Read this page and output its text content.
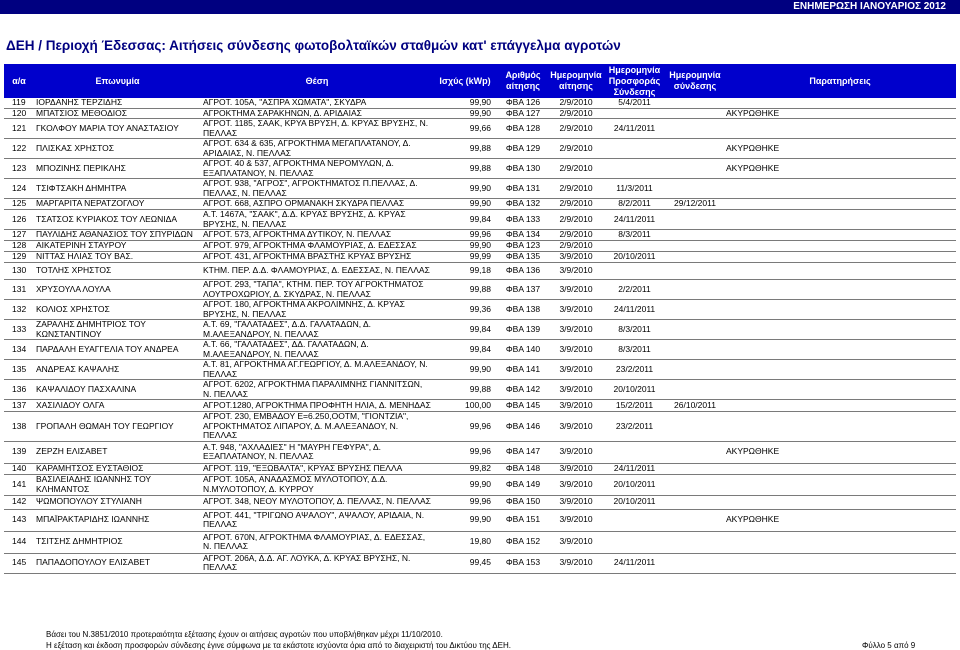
ΕΝΗΜΕΡΩΣΗ ΙΑΝΟΥΑΡΙΟΣ 2012
ΔΕΗ / Περιοχή Έδεσσας: Αιτήσεις σύνδεσης φωτοβολταϊκών σταθμών κατ' επάγγελμα αγροτών
α/α	Επωνυμία	Θέση	Ισχύς (kWp)	Αριθμός αίτησης	Ημερομηνία αίτησης	Ημερομηνία Προσφοράς Σύνδεσης	Ημερομηνία σύνδεσης	Παρατηρήσεις
119	ΙΟΡΔΑΝΗΣ ΤΕΡΖΙΔΗΣ	ΑΓΡΟΤ. 105Α, "ΑΣΠΡΑ ΧΩΜΑΤΑ", ΣΚΥΔΡΑ	99,90	ΦΒΑ 126	2/9/2010	5/4/2011		
120	ΜΠΑΤΣΙΟΣ ΜΕΘΟΔΙΟΣ	ΑΓΡΟΚΤΗΜΑ ΣΑΡΑΚΗΝΩΝ, Δ. ΑΡΙΔΑΙΑΣ	99,90	ΦΒΑ 127	2/9/2010			ΑΚΥΡΩΘΗΚΕ
121	ΓΚΟΛΦΟΥ ΜΑΡΙΑ ΤΟΥ ΑΝΑΣΤΑΣΙΟΥ	ΑΓΡΟΤ. 1185, ΣΑΑΚ, ΚΡΥΑ ΒΡΥΣΗ, Δ. ΚΡΥΑΣ ΒΡΥΣΗΣ, Ν. ΠΕΛΛΑΣ	99,66	ΦΒΑ 128	2/9/2010	24/11/2011		
122	ΠΛΙΣΚΑΣ ΧΡΗΣΤΟΣ	ΑΓΡΟΤ. 634 & 635, ΑΓΡΟΚΤΗΜΑ ΜΕΓΑΠΛΑΤΑΝΟΥ, Δ. ΑΡΙΔΑΙΑΣ, Ν. ΠΕΛΛΑΣ	99,88	ΦΒΑ 129	2/9/2010			ΑΚΥΡΩΘΗΚΕ
123	ΜΠΟΖΙΝΗΣ ΠΕΡΙΚΛΗΣ	ΑΓΡΟΤ. 40 & 537, ΑΓΡΟΚΤΗΜΑ ΝΕΡΟΜΥΛΩΝ, Δ. ΕΞΑΠΛΑΤΑΝΟΥ, Ν. ΠΕΛΛΑΣ	99,88	ΦΒΑ 130	2/9/2010			ΑΚΥΡΩΘΗΚΕ
124	ΤΣΙΦΤΣΑΚΗ ΔΗΜΗΤΡΑ	ΑΓΡΟΤ. 938, "ΑΓΡΟΣ", ΑΓΡΟΚΤΗΜΑΤΟΣ Π.ΠΕΛΛΑΣ, Δ. ΠΕΛΛΑΣ, Ν. ΠΕΛΛΑΣ	99,90	ΦΒΑ 131	2/9/2010	11/3/2011		
125	ΜΑΡΓΑΡΙΤΑ ΝΕΡΑΤΖΟΓΛΟΥ	ΑΓΡΟΤ. 668, ΑΣΠΡΟ ΟΡΜΑΝΑΚΗ ΣΚΥΔΡΑ ΠΕΛΛΑΣ	99,90	ΦΒΑ 132	2/9/2010	8/2/2011	29/12/2011	
126	ΤΣΑΤΣΟΣ ΚΥΡΙΑΚΟΣ ΤΟΥ ΛΕΩΝΙΔΑ	Α.Τ. 1467Α, "ΣΑΑΚ", Δ.Δ. ΚΡΥΑΣ ΒΡΥΣΗΣ, Δ. ΚΡΥΑΣ ΒΡΥΣΗΣ, Ν. ΠΕΛΛΑΣ	99,84	ΦΒΑ 133	2/9/2010	24/11/2011		
127	ΠΑΥΛΙΔΗΣ ΑΘΑΝΑΣΙΟΣ ΤΟΥ ΣΠΥΡΙΔΩΝ	ΑΓΡΟΤ. 573, ΑΓΡΟΚΤΗΜΑ ΔΥΤΙΚΟΥ, Ν. ΠΕΛΛΑΣ	99,96	ΦΒΑ 134	2/9/2010	8/3/2011		
128	ΑΙΚΑΤΕΡΙΝΗ ΣΤΑΥΡΟΥ	ΑΓΡΟΤ. 979, ΑΓΡΟΚΤΗΜΑ ΦΛΑΜΟΥΡΙΑΣ, Δ. ΕΔΕΣΣΑΣ	99,90	ΦΒΑ 123	2/9/2010			
129	ΝΙΤΤΑΣ ΗΛΙΑΣ ΤΟΥ ΒΑΣ.	ΑΓΡΟΤ. 431, ΑΓΡΟΚΤΗΜΑ ΒΡΑΣΤΗΣ ΚΡΥΑΣ ΒΡΥΣΗΣ	99,99	ΦΒΑ 135	3/9/2010	20/10/2011		
130	ΤΟΤΛΗΣ ΧΡΗΣΤΟΣ	ΚΤΗΜ. ΠΕΡ. Δ.Δ. ΦΛΑΜΟΥΡΙΑΣ, Δ. ΕΔΕΣΣΑΣ, Ν. ΠΕΛΛΑΣ	99,18	ΦΒΑ 136	3/9/2010			
131	ΧΡΥΣΟΥΛΑ ΛΟΥΛΑ	ΑΓΡΟΤ. 293, "ΤΑΠΑ", ΚΤΗΜ. ΠΕΡ. ΤΟΥ ΑΓΡΟΚΤΗΜΑΤΟΣ ΛΟΥΤΡΟΧΩΡΙΟΥ, Δ. ΣΚΥΔΡΑΣ, Ν. ΠΕΛΛΑΣ	99,88	ΦΒΑ 137	3/9/2010	2/2/2011		
132	ΚΟΛΙΟΣ ΧΡΗΣΤΟΣ	ΑΓΡΟΤ. 180, ΑΓΡΟΚΤΗΜΑ ΑΚΡΟΛΙΜΝΗΣ, Δ. ΚΡΥΑΣ ΒΡΥΣΗΣ, Ν. ΠΕΛΛΑΣ	99,36	ΦΒΑ 138	3/9/2010	24/11/2011		
133	ΖΑΡΑΛΗΣ ΔΗΜΗΤΡΙΟΣ ΤΟΥ ΚΩΝΣΤΑΝΤΙΝΟΥ	Α.Τ. 69, "ΓΑΛΑΤΑΔΕΣ", Δ.Δ. ΓΑΛΑΤΑΔΩΝ, Δ. Μ.ΑΛΕΞΑΝΔΡΟΥ, Ν. ΠΕΛΛΑΣ	99,84	ΦΒΑ 139	3/9/2010	8/3/2011		
134	ΠΑΡΔΑΛΗ ΕΥΑΓΓΕΛΙΑ ΤΟΥ ΑΝΔΡΕΑ	Α.Τ. 66, "ΓΑΛΑΤΑΔΕΣ", ΔΔ. ΓΑΛΑΤΑΔΩΝ, Δ. Μ.ΑΛΕΞΑΝΔΡΟΥ, Ν. ΠΕΛΛΑΣ	99,84	ΦΒΑ 140	3/9/2010	8/3/2011		
135	ΑΝΔΡΕΑΣ ΚΑΨΑΛΗΣ	Α.Τ. 81, ΑΓΡΟΚΤΗΜΑ ΑΓ.ΓΕΩΡΓΙΟΥ, Δ. Μ.ΑΛΕΞΑΝΔΟΥ, Ν. ΠΕΛΛΑΣ	99,90	ΦΒΑ 141	3/9/2010	23/2/2011		
136	ΚΑΨΑΛΙΔΟΥ ΠΑΣΧΑΛΙΝΑ	ΑΓΡΟΤ. 6202, ΑΓΡΟΚΤΗΜΑ ΠΑΡΑΛΙΜΝΗΣ ΓΙΑΝΝΙΤΣΩΝ, Ν. ΠΕΛΛΑΣ	99,88	ΦΒΑ 142	3/9/2010	20/10/2011		
137	ΧΑΣΙΛΙΔΟΥ ΟΛΓΑ	ΑΓΡΟΤ.1280, ΑΓΡΟΚΤΗΜΑ ΠΡΟΦΗΤΗ ΗΛΙΑ, Δ. ΜΕΝΗΔΑΣ	100,00	ΦΒΑ 145	3/9/2010	15/2/2011	26/10/2011	
138	ΓΡΟΠΑΛΗ ΘΩΜΑΗ ΤΟΥ ΓΕΩΡΓΙΟΥ	ΑΓΡΟΤ. 230, ΕΜΒΑΔΟΥ Ε=6.250,ΟΟΤΜ, "ΓΙΟΝΤΖΙΑ", ΑΓΡΟΚΤΗΜΑΤΟΣ ΛΙΠΑΡΟΥ, Δ. Μ.ΑΛΕΞΑΝΔΟΥ, Ν. ΠΕΛΛΑΣ	99,96	ΦΒΑ 146	3/9/2010	23/2/2011		
139	ΖΕΡΖΗ ΕΛΙΣΑΒΕΤ	Α.Τ. 948, "ΑΧΛΑΔΙΕΣ" Η "ΜΑΥΡΗ ΓΕΦΥΡΑ", Δ. ΕΞΑΠΛΑΤΑΝΟΥ, Ν. ΠΕΛΛΑΣ	99,96	ΦΒΑ 147	3/9/2010			ΑΚΥΡΩΘΗΚΕ
140	ΚΑΡΑΜΗΤΣΟΣ ΕΥΣΤΑΘΙΟΣ	ΑΓΡΟΤ. 119, "ΕΞΩΒΑΛΤΑ", ΚΡΥΑΣ ΒΡΥΣΗΣ ΠΕΛΛΑ	99,82	ΦΒΑ 148	3/9/2010	24/11/2011		
141	ΒΑΣΙΛΕΙΑΔΗΣ ΙΩΑΝΝΗΣ ΤΟΥ ΚΛΗΜΑΝΤΟΣ	ΑΓΡΟΤ. 105Α, ΑΝΑΔΑΣΜΟΣ ΜΥΛΟΤΟΠΟΥ, Δ.Δ. Ν.ΜΥΛΟΤΟΠΟΥ, Δ. ΚΥΡΡΟΥ	99,90	ΦΒΑ 149	3/9/2010	20/10/2011		
142	ΨΩΜΟΠΟΥΛΟΥ ΣΤΥΛΙΑΝΗ	ΑΓΡΟΤ. 348, ΝΕΟΥ ΜΥΛΟΤΟΠΟΥ, Δ. ΠΕΛΛΑΣ, Ν. ΠΕΛΛΑΣ	99,96	ΦΒΑ 150	3/9/2010	20/10/2011		
143	ΜΠΑΪΡΑΚΤΑΡΙΔΗΣ ΙΩΑΝΝΗΣ	ΑΓΡΟΤ. 441, "ΤΡΙΓΩΝΟ ΑΨΑΛΟΥ", ΑΨΑΛΟΥ, ΑΡΙΔΑΙΑ, Ν. ΠΕΛΛΑΣ	99,90	ΦΒΑ 151	3/9/2010			ΑΚΥΡΩΘΗΚΕ
144	ΤΣΙΤΣΗΣ ΔΗΜΗΤΡΙΟΣ	ΑΓΡΟΤ. 670Ν, ΑΓΡΟΚΤΗΜΑ ΦΛΑΜΟΥΡΙΑΣ, Δ. ΕΔΕΣΣΑΣ, Ν. ΠΕΛΛΑΣ	19,80	ΦΒΑ 152	3/9/2010			
145	ΠΑΠΑΔΟΠΟΥΛΟΥ ΕΛΙΣΑΒΕΤ	ΑΓΡΟΤ. 206Α, Δ.Δ. ΑΓ. ΛΟΥΚΑ, Δ. ΚΡΥΑΣ ΒΡΥΣΗΣ, Ν. ΠΕΛΛΑΣ	99,45	ΦΒΑ 153	3/9/2010	24/11/2011		
Βάσει του Ν.3851/2010 προτεραιότητα εξέτασης έχουν οι αιτήσεις αγροτών που υποβλήθηκαν μέχρι 11/10/2010.
Η εξέταση και έκδοση προσφορών σύνδεσης έγινε σύμφωνα με τα εκάστοτε ισχύοντα όρια από το διαχειριστή του Δικτύου της ΔΕΗ.	Φύλλο 5 από 9
